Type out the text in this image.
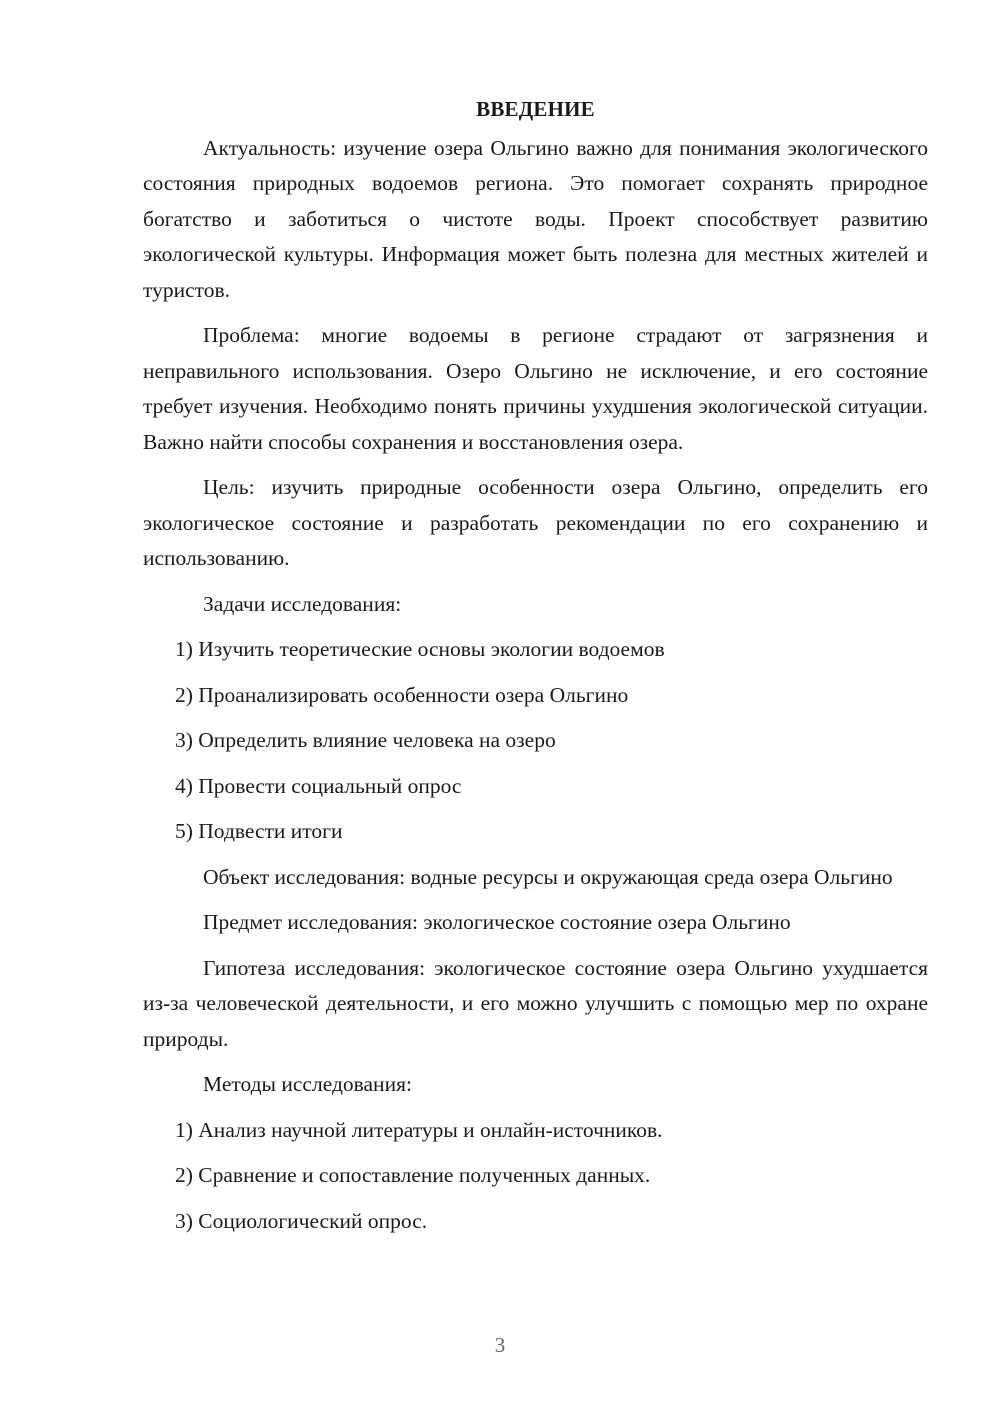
ВВЕДЕНИЕ
Актуальность: изучение озера Ольгино важно для понимания экологического состояния природных водоемов региона. Это помогает сохранять природное богатство и заботиться о чистоте воды. Проект способствует развитию экологической культуры. Информация может быть полезна для местных жителей и туристов.
Проблема: многие водоемы в регионе страдают от загрязнения и неправильного использования. Озеро Ольгино не исключение, и его состояние требует изучения. Необходимо понять причины ухудшения экологической ситуации. Важно найти способы сохранения и восстановления озера.
Цель: изучить природные особенности озера Ольгино, определить его экологическое состояние и разработать рекомендации по его сохранению и использованию.
Задачи исследования:
1) Изучить теоретические основы экологии водоемов
2) Проанализировать особенности озера Ольгино
3) Определить влияние человека на озеро
4) Провести социальный опрос
5) Подвести итоги
Объект исследования: водные ресурсы и окружающая среда озера Ольгино
Предмет исследования: экологическое состояние озера Ольгино
Гипотеза исследования: экологическое состояние озера Ольгино ухудшается из-за человеческой деятельности, и его можно улучшить с помощью мер по охране природы.
Методы исследования:
1) Анализ научной литературы и онлайн-источников.
2) Сравнение и сопоставление полученных данных.
3) Социологический опрос.
3
